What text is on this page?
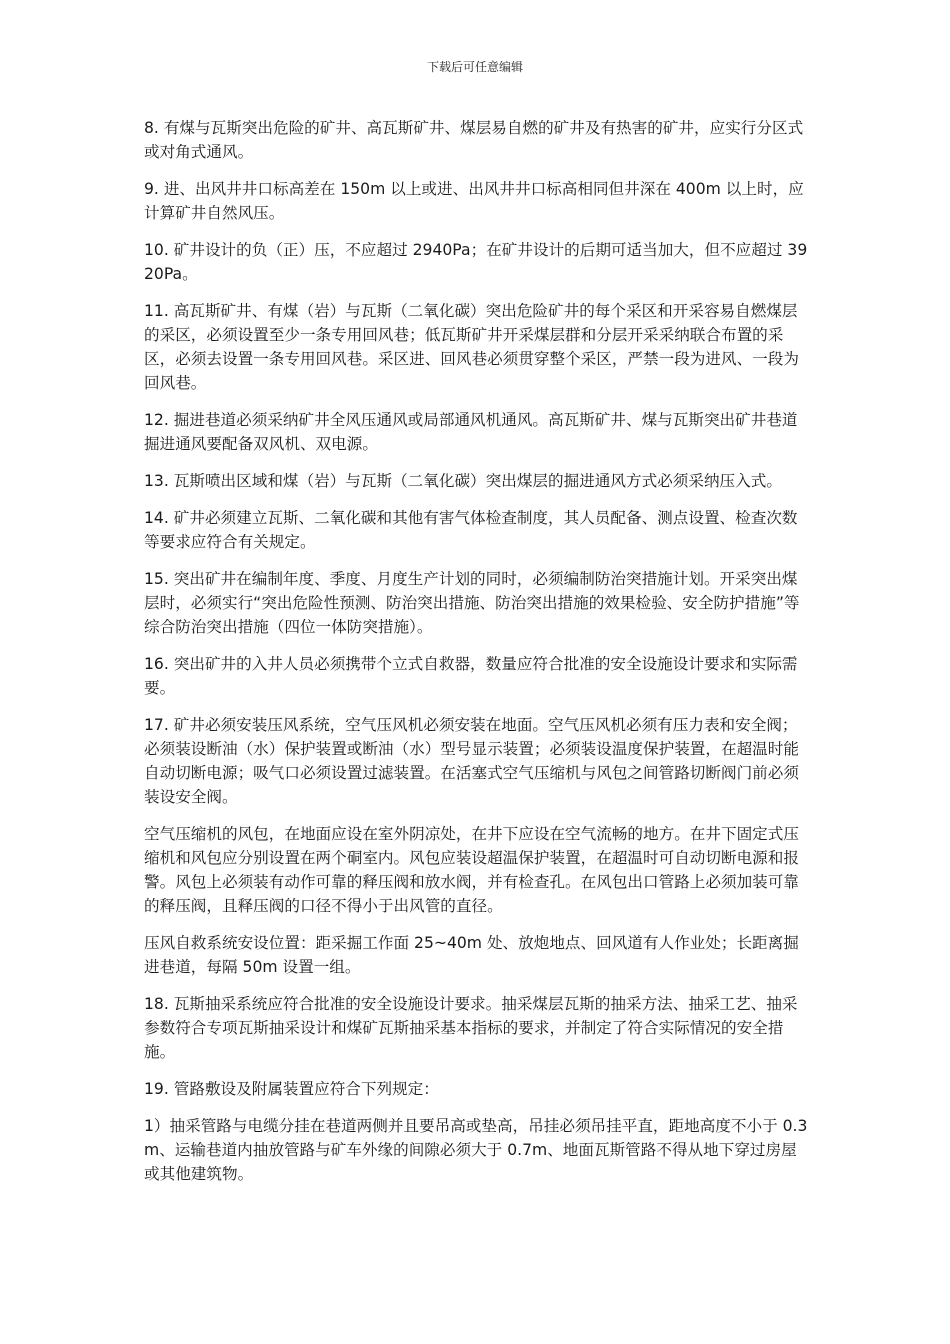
下载后可任意编辑

8. 有煤与瓦斯突出危险的矿井、高瓦斯矿井、煤层易自燃的矿井及有热害的矿井，应实行分区式或对角式通风。

9. 进、出风井井口标高差在 150m 以上或进、出风井井口标高相同但井深在 400m 以上时，应计算矿井自然风压。

10. 矿井设计的负（正）压，不应超过 2940Pa；在矿井设计的后期可适当加大，但不应超过 3920Pa。

11. 高瓦斯矿井、有煤（岩）与瓦斯（二氧化碳）突出危险矿井的每个采区和开采容易自燃煤层的采区，必须设置至少一条专用回风巷；低瓦斯矿井开采煤层群和分层开采采纳联合布置的采区，必须去设置一条专用回风巷。采区进、回风巷必须贯穿整个采区，严禁一段为进风、一段为回风巷。

12. 掘进巷道必须采纳矿井全风压通风或局部通风机通风。高瓦斯矿井、煤与瓦斯突出矿井巷道掘进通风要配备双风机、双电源。

13. 瓦斯喷出区域和煤（岩）与瓦斯（二氧化碳）突出煤层的掘进通风方式必须采纳压入式。

14. 矿井必须建立瓦斯、二氧化碳和其他有害气体检查制度，其人员配备、测点设置、检查次数等要求应符合有关规定。

15. 突出矿井在编制年度、季度、月度生产计划的同时，必须编制防治突措施计划。开采突出煤层时，必须实行“突出危险性预测、防治突出措施、防治突出措施的效果检验、安全防护措施”等综合防治突出措施（四位一体防突措施）。

16. 突出矿井的入井人员必须携带个立式自救器，数量应符合批准的安全设施设计要求和实际需要。

17. 矿井必须安装压风系统，空气压风机必须安装在地面。空气压风机必须有压力表和安全阀；必须装设断油（水）保护装置或断油（水）型号显示装置；必须装设温度保护装置，在超温时能自动切断电源；吸气口必须设置过滤装置。在活塞式空气压缩机与风包之间管路切断阀门前必须装设安全阀。

空气压缩机的风包，在地面应设在室外阴凉处，在井下应设在空气流畅的地方。在井下固定式压缩机和风包应分别设置在两个硐室内。风包应装设超温保护装置，在超温时可自动切断电源和报警。风包上必须装有动作可靠的释压阀和放水阀，并有检查孔。在风包出口管路上必须加装可靠的释压阀，且释压阀的口径不得小于出风管的直径。

压风自救系统安设位置：距采掘工作面 25~40m 处、放炮地点、回风道有人作业处；长距离掘进巷道，每隔 50m 设置一组。

18. 瓦斯抽采系统应符合批准的安全设施设计要求。抽采煤层瓦斯的抽采方法、抽采工艺、抽采参数符合专项瓦斯抽采设计和煤矿瓦斯抽采基本指标的要求，并制定了符合实际情况的安全措施。

19. 管路敷设及附属装置应符合下列规定：

1）抽采管路与电缆分挂在巷道两侧并且要吊高或垫高，吊挂必须吊挂平直，距地高度不小于 0.3m、运输巷道内抽放管路与矿车外缘的间隙必须大于 0.7m、地面瓦斯管路不得从地下穿过房屋或其他建筑物。
